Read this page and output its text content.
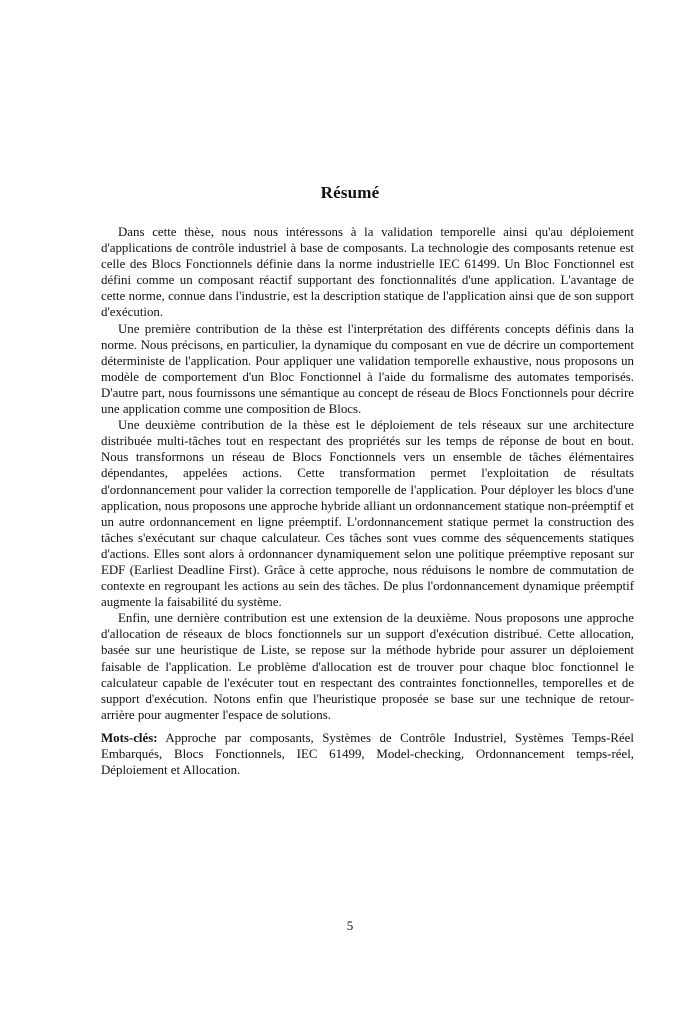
Résumé

Dans cette thèse, nous nous intéressons à la validation temporelle ainsi qu'au déploiement d'applications de contrôle industriel à base de composants. La technologie des composants retenue est celle des Blocs Fonctionnels définie dans la norme industrielle IEC 61499. Un Bloc Fonctionnel est défini comme un composant réactif supportant des fonctionnalités d'une application. L'avantage de cette norme, connue dans l'industrie, est la description statique de l'application ainsi que de son support d'exécution.

Une première contribution de la thèse est l'interprétation des différents concepts définis dans la norme. Nous précisons, en particulier, la dynamique du composant en vue de décrire un comportement déterministe de l'application. Pour appliquer une validation temporelle exhaustive, nous proposons un modèle de comportement d'un Bloc Fonctionnel à l'aide du formalisme des automates temporisés. D'autre part, nous fournissons une sémantique au concept de réseau de Blocs Fonctionnels pour décrire une application comme une composition de Blocs.

Une deuxième contribution de la thèse est le déploiement de tels réseaux sur une architecture distribuée multi-tâches tout en respectant des propriétés sur les temps de réponse de bout en bout. Nous transformons un réseau de Blocs Fonctionnels vers un ensemble de tâches élémentaires dépendantes, appelées actions. Cette transformation permet l'exploitation de résultats d'ordonnancement pour valider la correction temporelle de l'application. Pour déployer les blocs d'une application, nous proposons une approche hybride alliant un ordonnancement statique non-préemptif et un autre ordonnancement en ligne préemptif. L'ordonnancement statique permet la construction des tâches s'exécutant sur chaque calculateur. Ces tâches sont vues comme des séquencements statiques d'actions. Elles sont alors à ordonnancer dynamiquement selon une politique préemptive reposant sur EDF (Earliest Deadline First). Grâce à cette approche, nous réduisons le nombre de commutation de contexte en regroupant les actions au sein des tâches. De plus l'ordonnancement dynamique préemptif augmente la faisabilité du système.

Enfin, une dernière contribution est une extension de la deuxième. Nous proposons une approche d'allocation de réseaux de blocs fonctionnels sur un support d'exécution distribué. Cette allocation, basée sur une heuristique de Liste, se repose sur la méthode hybride pour assurer un déploiement faisable de l'application. Le problème d'allocation est de trouver pour chaque bloc fonctionnel le calculateur capable de l'exécuter tout en respectant des contraintes fonctionnelles, temporelles et de support d'exécution. Notons enfin que l'heuristique proposée se base sur une technique de retour-arrière pour augmenter l'espace de solutions.

Mots-clés: Approche par composants, Systèmes de Contrôle Industriel, Systèmes Temps-Réel Embarqués, Blocs Fonctionnels, IEC 61499, Model-checking, Ordonnancement temps-réel, Déploiement et Allocation.

5
